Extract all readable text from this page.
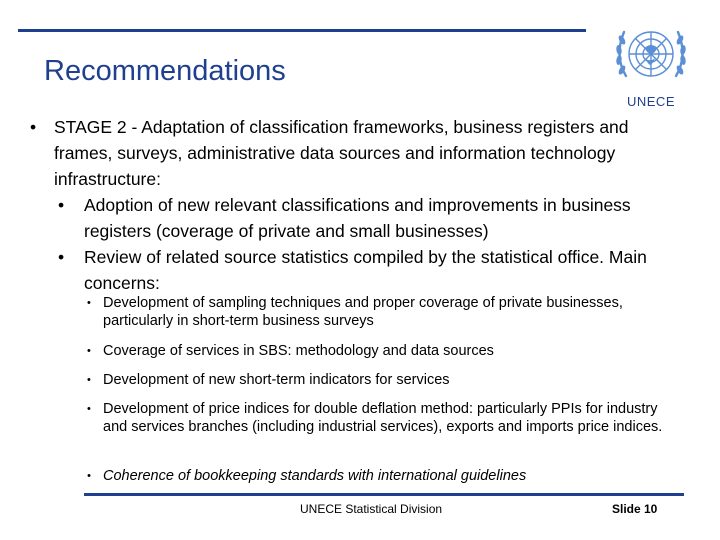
Recommendations
UNECE
• STAGE 2 - Adaptation of classification frameworks, business registers and frames, surveys, administrative data sources and information technology infrastructure:
• Adoption of new relevant classifications and improvements in business registers (coverage of private and small businesses)
• Review of related source statistics compiled by the statistical office. Main concerns:
• Development of sampling techniques and proper coverage of private businesses, particularly in short-term business surveys
• Coverage of services in SBS: methodology and data sources
• Development of new short-term indicators for services
• Development of price indices for double deflation method: particularly PPIs for industry and services branches (including industrial services), exports and imports price indices.
• Coherence of bookkeeping standards with international guidelines
UNECE Statistical Division	Slide 10
